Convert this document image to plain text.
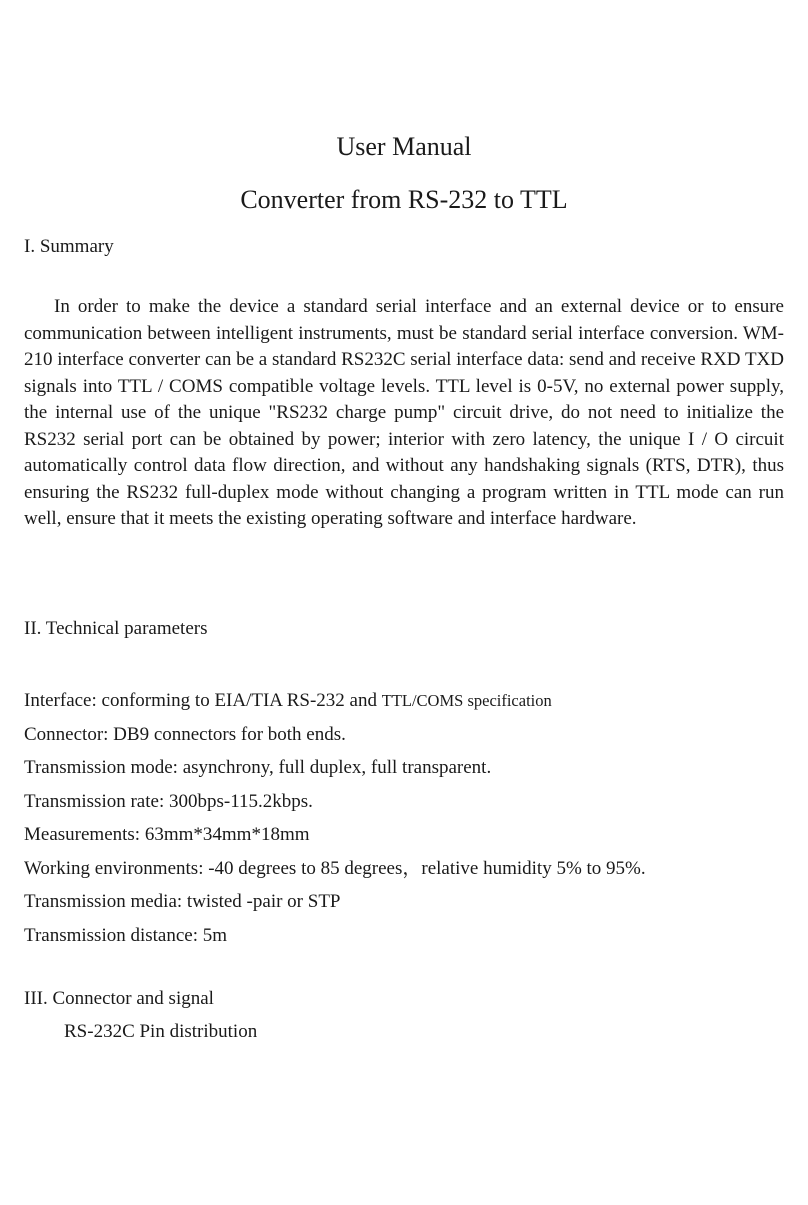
User Manual
Converter from RS-232 to TTL
I. Summary

In order to make the device a standard serial interface and an external device or to ensure communication between intelligent instruments, must be standard serial interface conversion. WM-210 interface converter can be a standard RS232C serial interface data: send and receive RXD TXD signals into TTL / COMS compatible voltage levels. TTL level is 0-5V, no external power supply, the internal use of the unique "RS232 charge pump" circuit drive, do not need to initialize the RS232 serial port can be obtained by power; interior with zero latency, the unique I / O circuit automatically control data flow direction, and without any handshaking signals (RTS, DTR), thus ensuring the RS232 full-duplex mode without changing a program written in TTL mode can run well, ensure that it meets the existing operating software and interface hardware.

II. Technical parameters
Interface: conforming to EIA/TIA RS-232 and TTL/COMS specification
Connector: DB9 connectors for both ends.
Transmission mode: asynchrony, full duplex, full transparent.
Transmission rate: 300bps-115.2kbps.
Measurements: 63mm*34mm*18mm
Working environments: -40 degrees to 85 degrees，relative humidity 5% to 95%.
Transmission media: twisted -pair or STP
Transmission distance: 5m
III. Connector and signal
RS-232C Pin distribution
